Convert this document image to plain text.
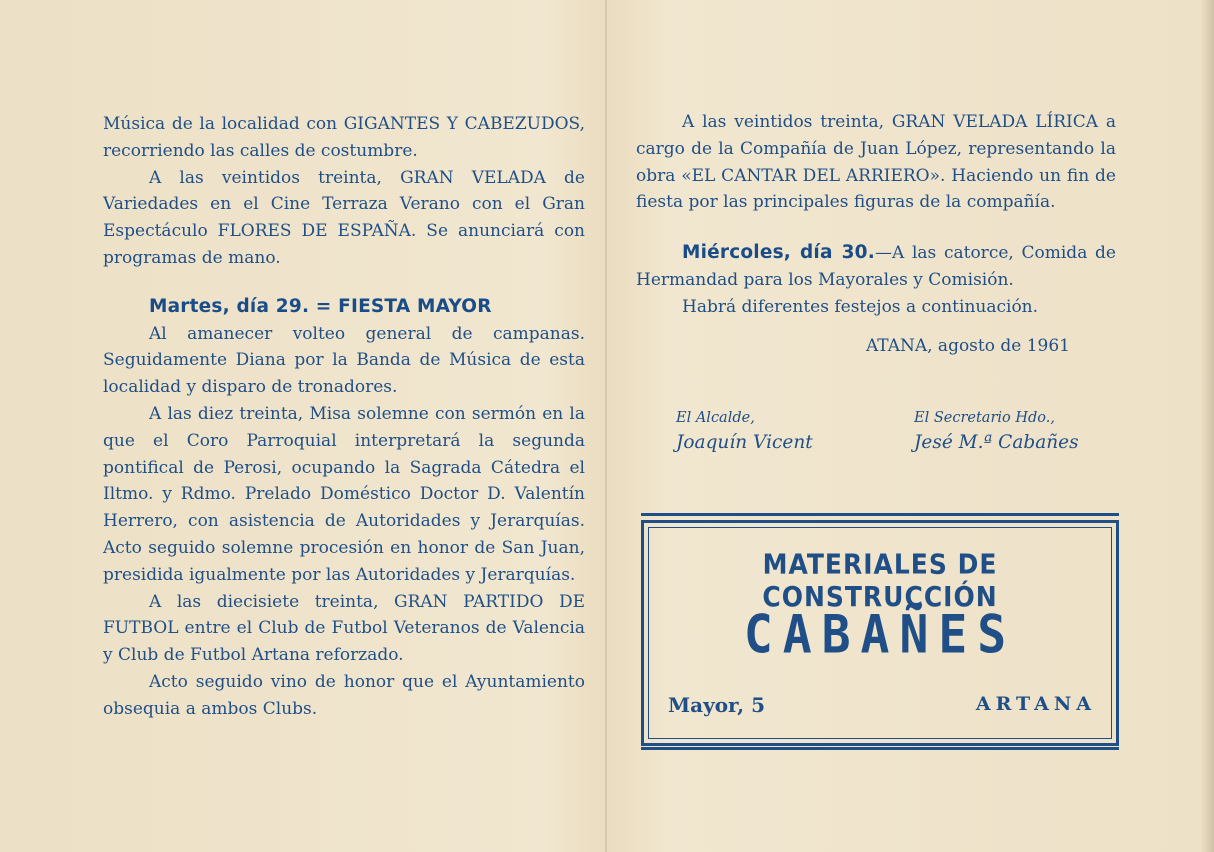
Música de la localidad con GIGANTES Y CABEZUDOS, recorriendo las calles de costumbre.

A las veintidos treinta, GRAN VELADA de Variedades en el Cine Terraza Verano con el Gran Espectáculo FLORES DE ESPAÑA. Se anunciará con programas de mano.

Martes, día 29. = FIESTA MAYOR

Al amanecer volteo general de campanas. Seguidamente Diana por la Banda de Música de esta localidad y disparo de tronadores.

A las diez treinta, Misa solemne con sermón en la que el Coro Parroquial interpretará la segunda pontifical de Perosi, ocupando la Sagrada Cátedra el Iltmo. y Rdmo. Prelado Doméstico Doctor D. Valentín Herrero, con asistencia de Autoridades y Jerarquías. Acto seguido solemne procesión en honor de San Juan, presidida igualmente por las Autoridades y Jerarquías.

A las diecisiete treinta, GRAN PARTIDO DE FUTBOL entre el Club de Futbol Veteranos de Valencia y Club de Futbol Artana reforzado.

Acto seguido vino de honor que el Ayuntamiento obsequia a ambos Clubs.

A las veintidos treinta, GRAN VELADA LÍRICA a cargo de la Compañía de Juan López, representando la obra «EL CANTAR DEL ARRIERO». Haciendo un fin de fiesta por las principales figuras de la compañía.

Miércoles, día 30.—A las catorce, Comida de Hermandad para los Mayorales y Comisión.

Habrá diferentes festejos a continuación.

ATANA, agosto de 1961

El Alcalde,
Joaquín Vicent
El Secretario Hdo.,
Jesé M.ª Cabañes
MATERIALES DE CONSTRUCCIÓN
CABAÑES
Mayor, 5	ARTANA
